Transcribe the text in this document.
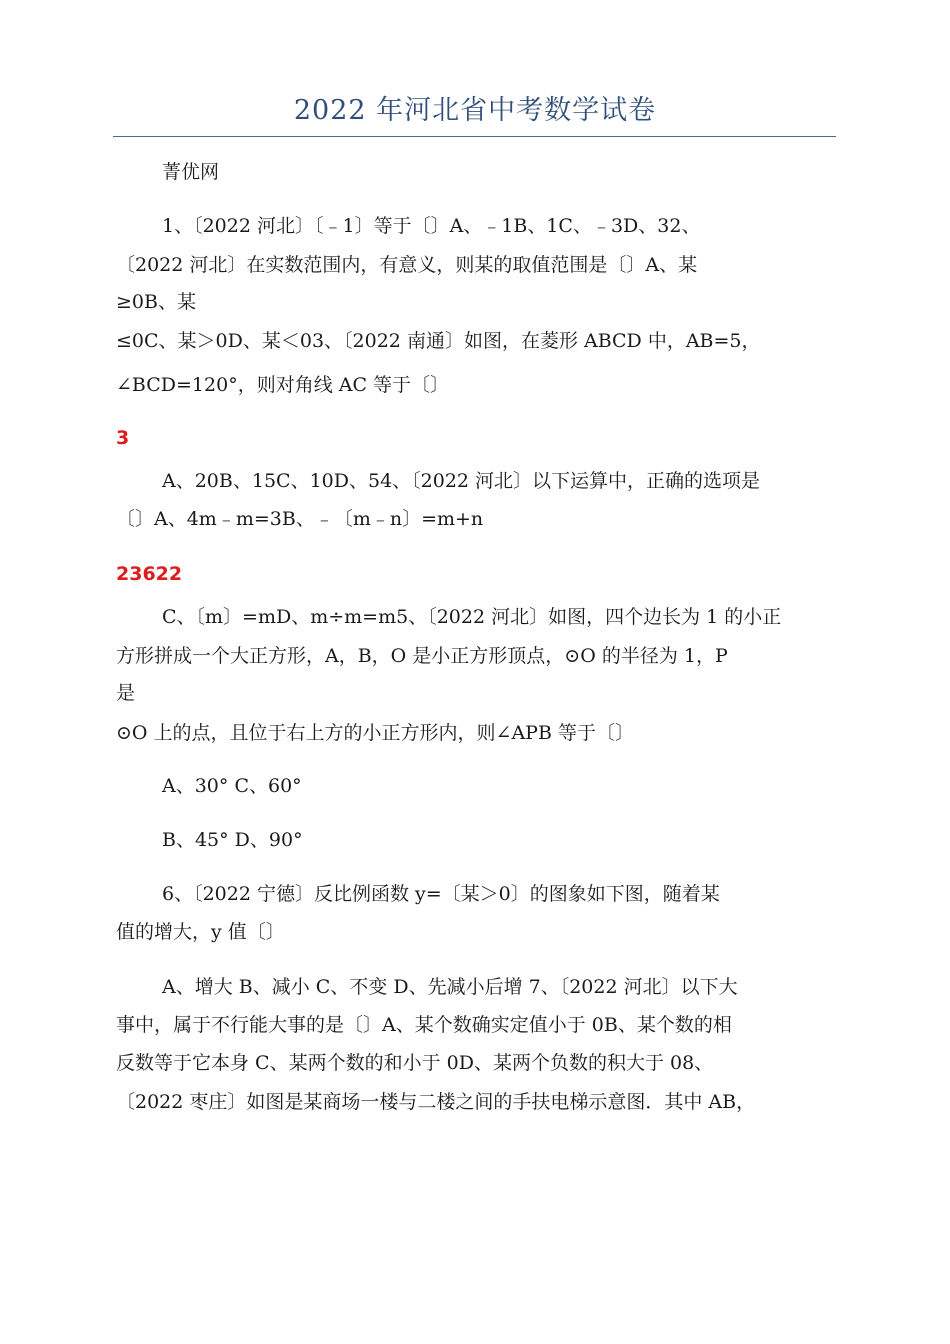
2022 年河北省中考数学试卷

菁优网

1、〔2022 河北〕〔﹣1〕等于〔〕A、﹣1B、1C、﹣3D、32、

〔2022 河北〕在实数范围内，有意义，则某的取值范围是〔〕A、某

≥0B、某

≤0C、某＞0D、某＜03、〔2022 南通〕如图，在菱形 ABCD 中，AB=5，

∠BCD=120°，则对角线 AC 等于〔〕

3

A、20B、15C、10D、54、〔2022 河北〕以下运算中，正确的选项是

〔〕A、4m﹣m=3B、﹣〔m﹣n〕=m+n

23622

C、〔m〕=mD、m÷m=m5、〔2022 河北〕如图，四个边长为 1 的小正

方形拼成一个大正方形，A，B，O 是小正方形顶点，⊙O 的半径为 1，P

是

⊙O 上的点，且位于右上方的小正方形内，则∠APB 等于〔〕

A、30° C、60°

B、45° D、90°

6、〔2022 宁德〕反比例函数 y=〔某＞0〕的图象如下图，随着某

值的增大，y 值〔〕

A、增大 B、减小 C、不变 D、先减小后增 7、〔2022 河北〕以下大

事中，属于不行能大事的是〔〕A、某个数确实定值小于 0B、某个数的相

反数等于它本身 C、某两个数的和小于 0D、某两个负数的积大于 08、

〔2022 枣庄〕如图是某商场一楼与二楼之间的手扶电梯示意图．其中 AB，
